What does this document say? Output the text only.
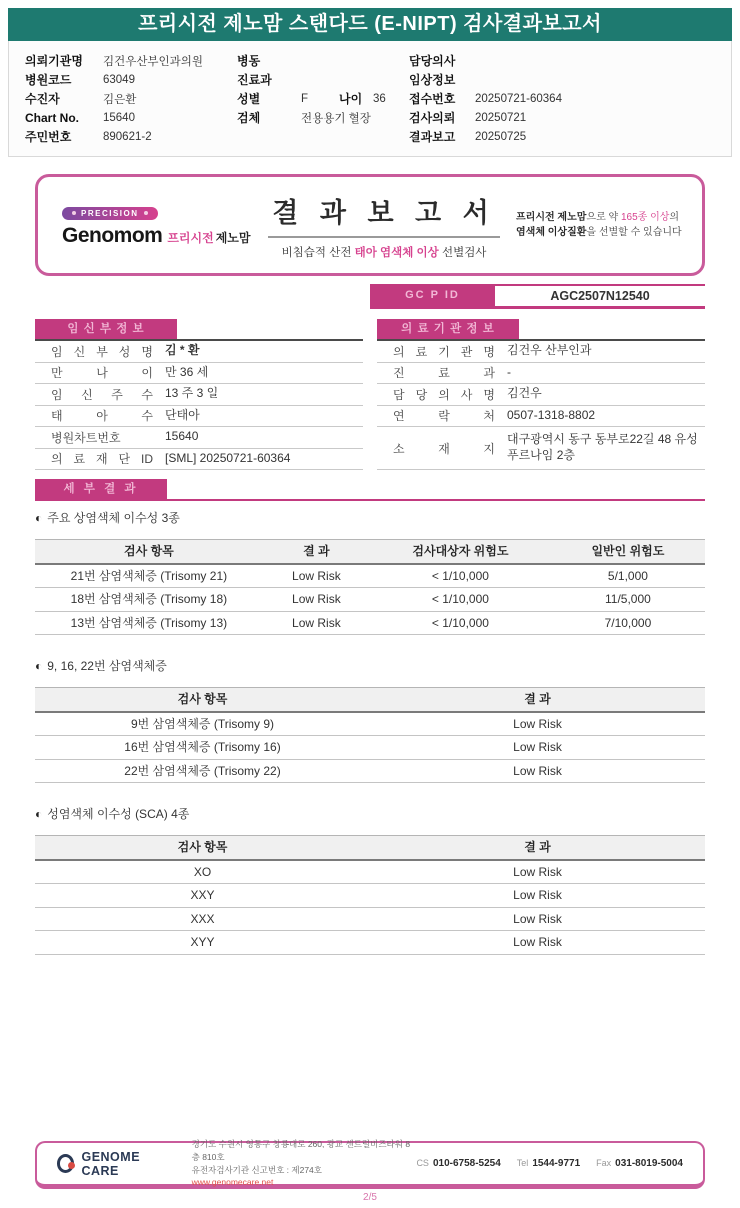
프리시전 제노맘 스탠다드 (E-NIPT) 검사결과보고서
의뢰기관명	김건우산부인과의원
병원코드	63049
수진자	김은환
Chart No.	15640
주민번호	890621-2
병동
진료과
성별	F	나이 36
검체	전용용기 혈장
담당의사
임상정보
접수번호	20250721-60364
검사의뢰	20250721
결과보고	20250725
PRECISION
Genomom 프리시전 제노맘
결 과 보 고 서
비침습적 산전 태아 염색체 이상 선별검사
프리시전 제노맘으로 약 165종 이상의
염색체 이상질환을 선별할 수 있습니다
GC P ID	AGC2507N12540
임 신 부 정 보
임 신 부 성 명	김 * 환
만 나 이	만 36 세
임 신 주 수	13 주 3 일
태 아 수	단태아
병원차트번호	15640
의 료 재 단 ID	[SML] 20250721-60364
의 료 기 관 정 보
의 료 기 관 명	김건우 산부인과
진 료 과	-
담 당 의 사 명	김건우
연 락 처	0507-1318-8802
소 재 지
대구광역시 동구 동부로22길 48 유성 푸르나임 2층
세 부 결 과
◐ 주요 상염색체 이수성 3종
검사 항목	결 과	검사대상자 위험도	일반인 위험도
21번 삼염색체증 (Trisomy 21)	Low Risk	< 1/10,000	5/1,000
18번 삼염색체증 (Trisomy 18)	Low Risk	< 1/10,000	11/5,000
13번 삼염색체증 (Trisomy 13)	Low Risk	< 1/10,000	7/10,000
◐ 9, 16, 22번 삼염색체증
검사 항목	결 과
9번 삼염색체증 (Trisomy 9)	Low Risk
16번 삼염색체증 (Trisomy 16)	Low Risk
22번 삼염색체증 (Trisomy 22)	Low Risk
◐ 성염색체 이수성 (SCA) 4종
검사 항목	결 과
XO	Low Risk
XXY	Low Risk
XXX	Low Risk
XYY	Low Risk
GENOME CARE
경기도 수원시 영통구 창룡대로 260, 광교 센트럴비즈타워 8층 810호
유전자검사기관 신고번호 : 제274호
www.genomecare.net
CS 010-6758-5254 Tel 1544-9771 Fax 031-8019-5004
2/5
